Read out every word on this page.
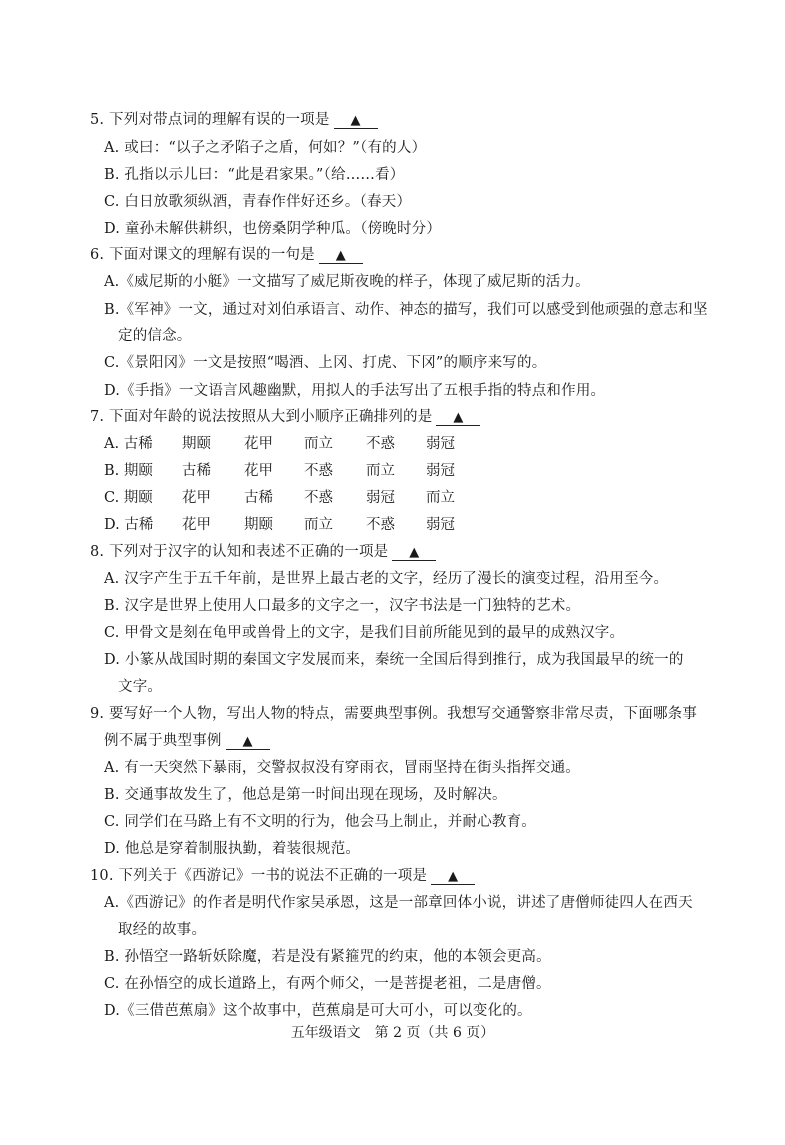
5. 下列对带点词的理解有误的一项是 ▲
A. 或曰：“以子之矛陷子之盾，何如？”（有的人）
B. 孔指以示儿曰：“此是君家果。”（给……看）
C. 白日放歌须纵酒，青春作伴好还乡。（春天）
D. 童孙未解供耕织，也傍桑阴学种瓜。（傍晚时分）
6. 下面对课文的理解有误的一句是 ▲
A.《威尼斯的小艇》一文描写了威尼斯夜晚的样子，体现了威尼斯的活力。
B.《军神》一文，通过对刘伯承语言、动作、神态的描写，我们可以感受到他顽强的意志和坚
定的信念。
C.《景阳冈》一文是按照“喝酒、上冈、打虎、下冈”的顺序来写的。
D.《手指》一文语言风趣幽默，用拟人的手法写出了五根手指的特点和作用。
7. 下面对年龄的说法按照从大到小顺序正确排列的是 ▲
A. 古稀 期颐 花甲 而立 不惑 弱冠
B. 期颐 古稀 花甲 不惑 而立 弱冠
C. 期颐 花甲 古稀 不惑 弱冠 而立
D. 古稀 花甲 期颐 而立 不惑 弱冠
8. 下列对于汉字的认知和表述不正确的一项是 ▲
A. 汉字产生于五千年前，是世界上最古老的文字，经历了漫长的演变过程，沿用至今。
B. 汉字是世界上使用人口最多的文字之一，汉字书法是一门独特的艺术。
C. 甲骨文是刻在龟甲或兽骨上的文字，是我们目前所能见到的最早的成熟汉字。
D. 小篆从战国时期的秦国文字发展而来，秦统一全国后得到推行，成为我国最早的统一的
文字。
9. 要写好一个人物，写出人物的特点，需要典型事例。我想写交通警察非常尽责，下面哪条事
例不属于典型事例 ▲
A. 有一天突然下暴雨，交警叔叔没有穿雨衣，冒雨坚持在街头指挥交通。
B. 交通事故发生了，他总是第一时间出现在现场，及时解决。
C. 同学们在马路上有不文明的行为，他会马上制止，并耐心教育。
D. 他总是穿着制服执勤，着装很规范。
10. 下列关于《西游记》一书的说法不正确的一项是 ▲
A.《西游记》的作者是明代作家吴承恩，这是一部章回体小说，讲述了唐僧师徒四人在西天
取经的故事。
B. 孙悟空一路斩妖除魔，若是没有紧箍咒的约束，他的本领会更高。
C. 在孙悟空的成长道路上，有两个师父，一是菩提老祖，二是唐僧。
D.《三借芭蕉扇》这个故事中，芭蕉扇是可大可小，可以变化的。
五年级语文　第 2 页（共 6 页）
